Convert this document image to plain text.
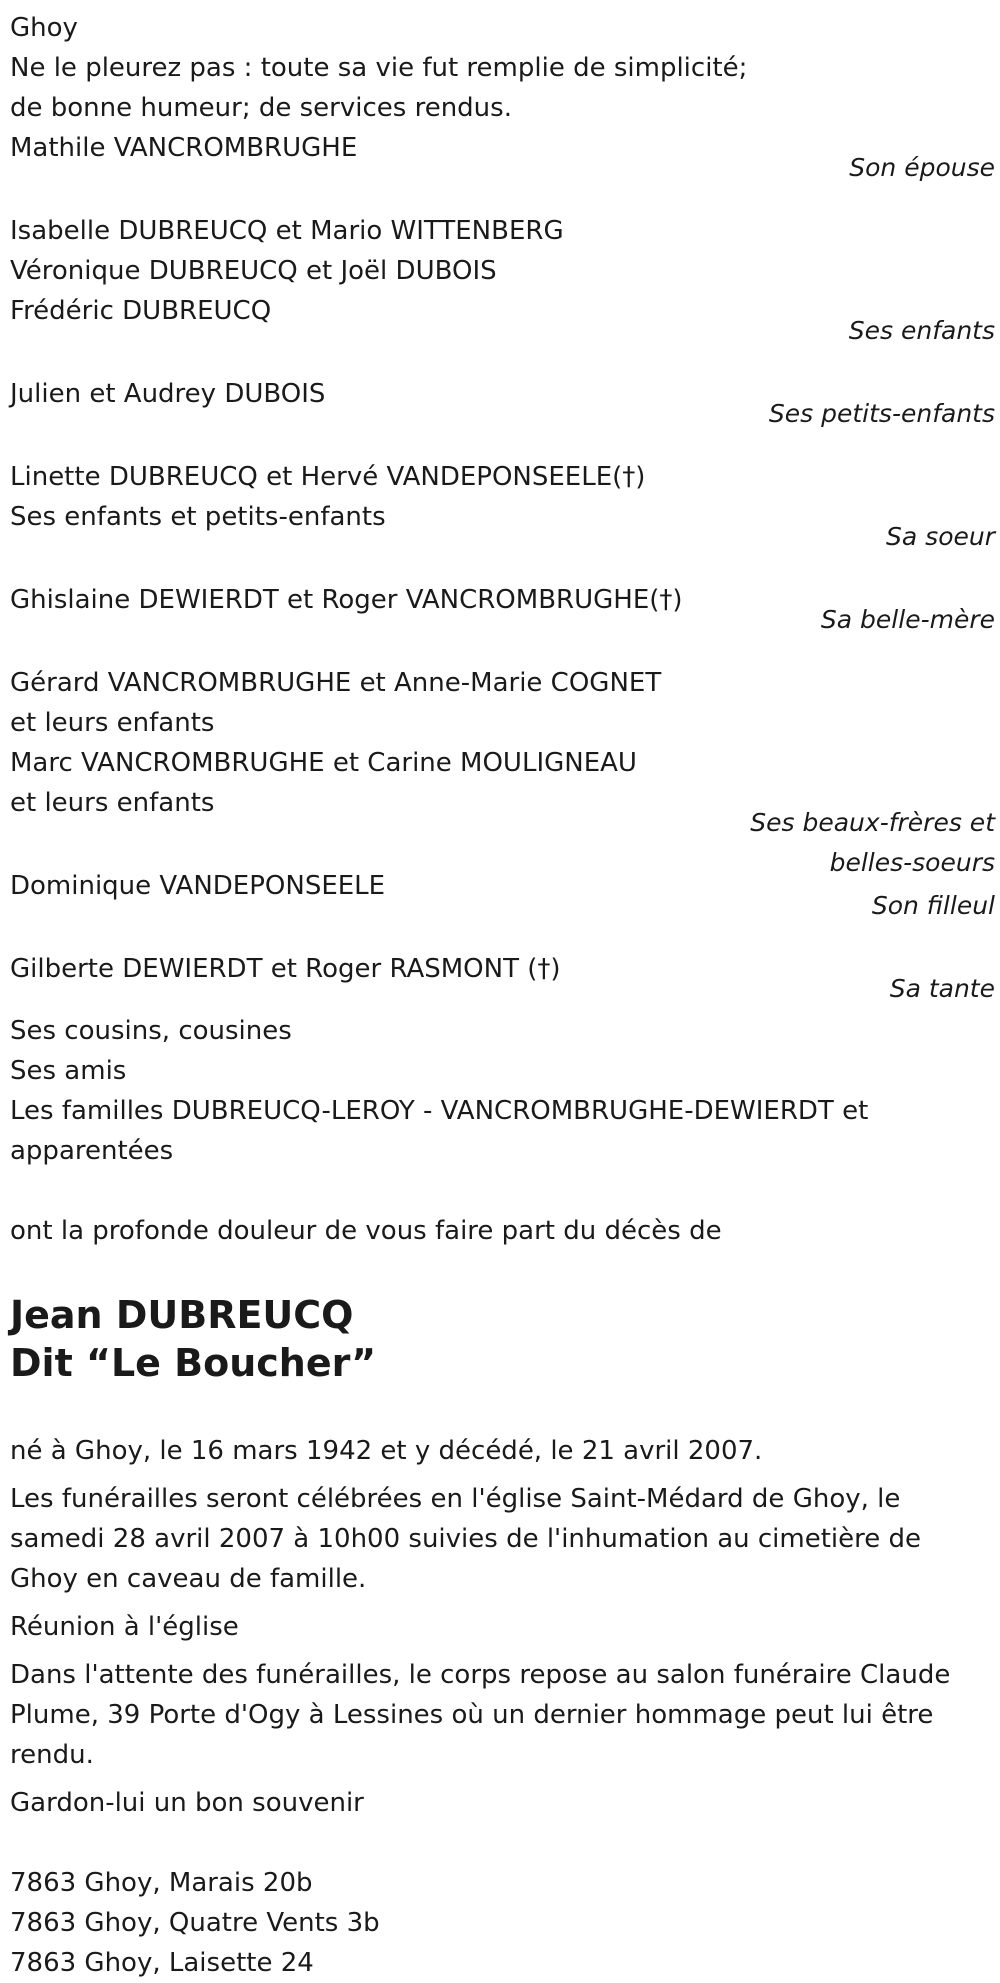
Ghoy
Ne le pleurez pas : toute sa vie fut remplie de simplicité;
de bonne humeur; de services rendus.
Mathile VANCROMBRUGHE
Son épouse
Isabelle DUBREUCQ et Mario WITTENBERG
Véronique DUBREUCQ et Joël DUBOIS
Frédéric DUBREUCQ
Ses enfants
Julien et Audrey DUBOIS
Ses petits-enfants
Linette DUBREUCQ et Hervé VANDEPONSEELE(†)
Ses enfants et petits-enfants
Sa soeur
Ghislaine DEWIERDT et Roger VANCROMBRUGHE(†)
Sa belle-mère
Gérard VANCROMBRUGHE et Anne-Marie COGNET
et leurs enfants
Marc VANCROMBRUGHE et Carine MOULIGNEAU
et leurs enfants
Ses beaux-frères et
belles-soeurs
Dominique VANDEPONSEELE
Son filleul
Gilberte DEWIERDT et Roger RASMONT (†)
Sa tante
Ses cousins, cousines
Ses amis
Les familles DUBREUCQ-LEROY - VANCROMBRUGHE-DEWIERDT et
apparentées
ont la profonde douleur de vous faire part du décès de
Jean DUBREUCQ
Dit “Le Boucher”
né à Ghoy, le 16 mars 1942 et y décédé, le 21 avril 2007.
Les funérailles seront célébrées en l'église Saint-Médard de Ghoy, le samedi 28 avril 2007 à 10h00 suivies de l'inhumation au cimetière de Ghoy en caveau de famille.
Réunion à l'église
Dans l'attente des funérailles, le corps repose au salon funéraire Claude Plume, 39 Porte d'Ogy à Lessines où un dernier hommage peut lui être rendu.
Gardon-lui un bon souvenir
7863 Ghoy, Marais 20b
7863 Ghoy, Quatre Vents 3b
7863 Ghoy, Laisette 24
